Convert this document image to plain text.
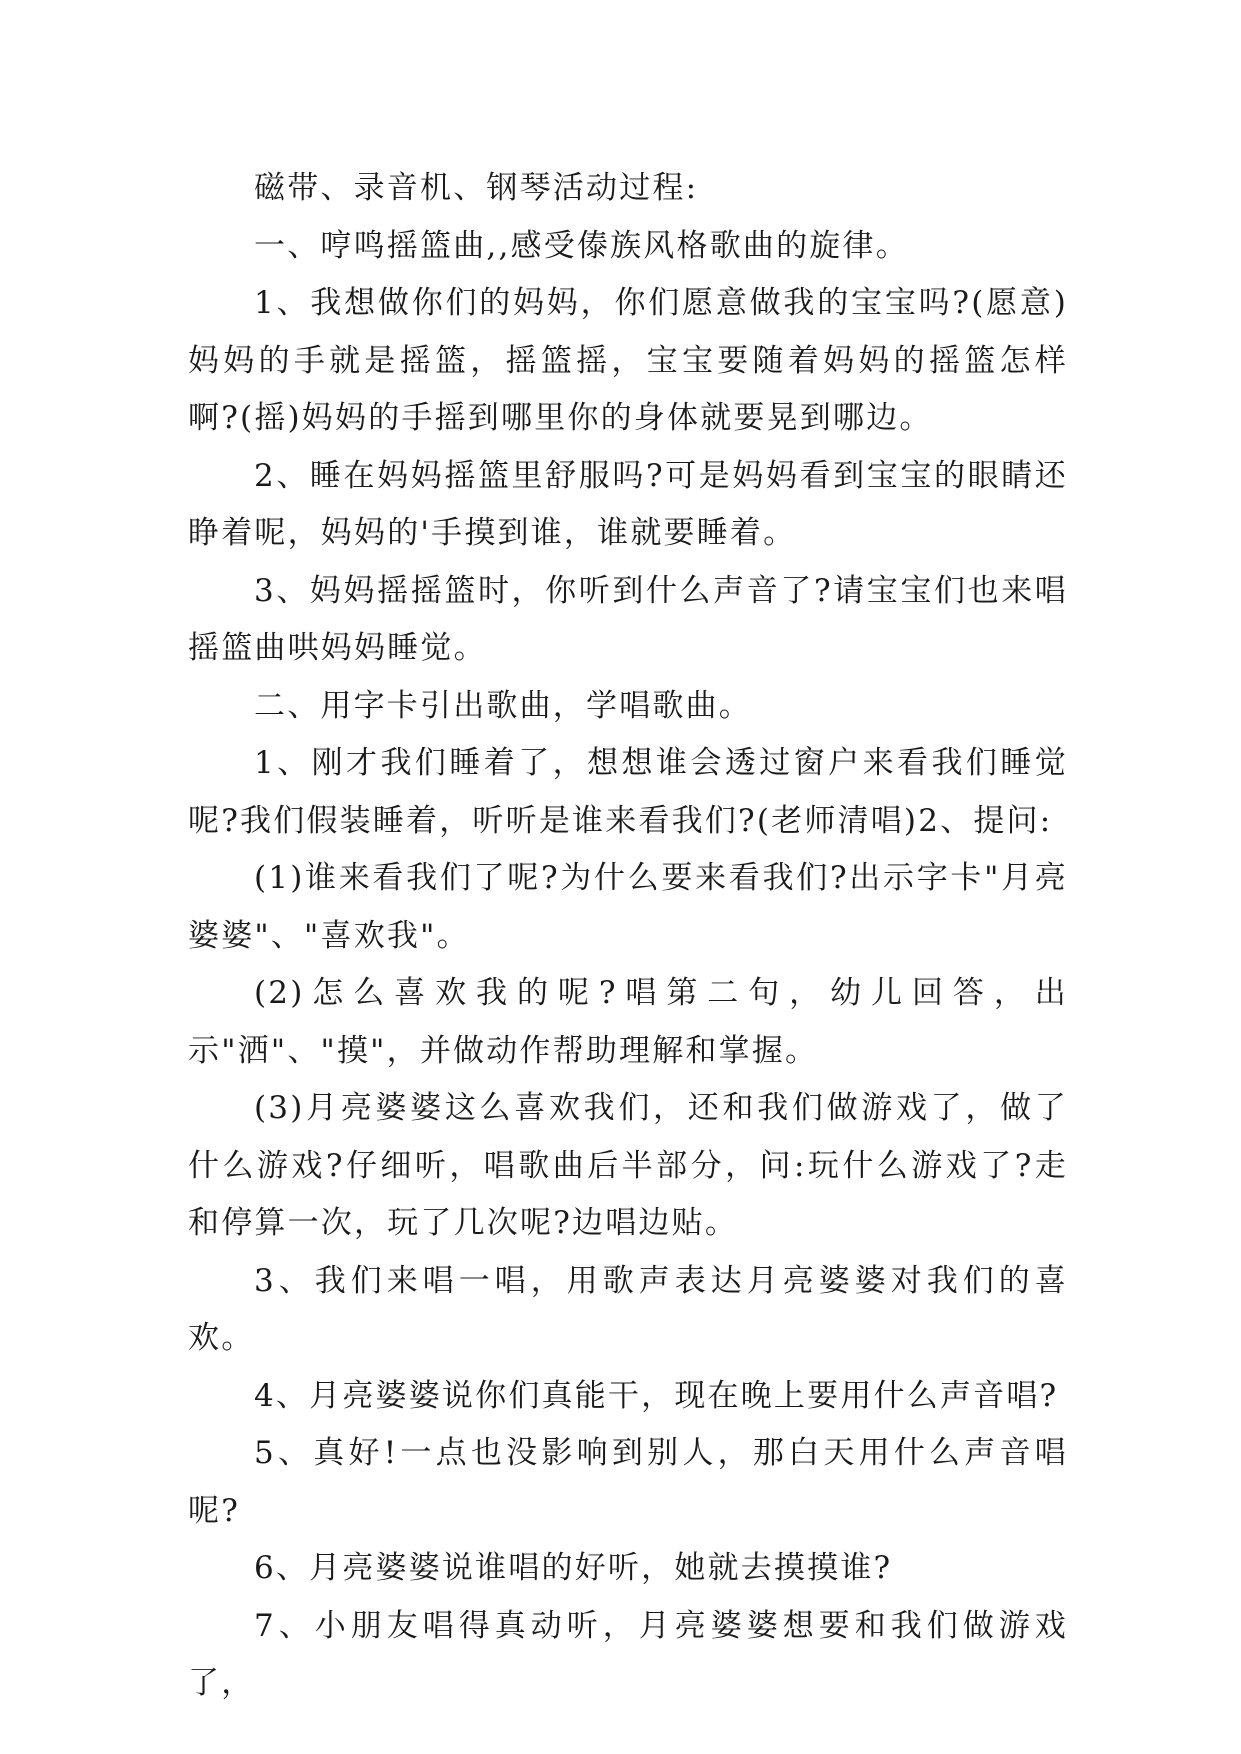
磁带、录音机、钢琴活动过程:

一、哼鸣摇篮曲,,感受傣族风格歌曲的旋律。

1、我想做你们的妈妈，你们愿意做我的宝宝吗?(愿意)妈妈的手就是摇篮，摇篮摇，宝宝要随着妈妈的摇篮怎样啊?(摇)妈妈的手摇到哪里你的身体就要晃到哪边。

2、睡在妈妈摇篮里舒服吗?可是妈妈看到宝宝的眼睛还睁着呢，妈妈的'手摸到谁，谁就要睡着。

3、妈妈摇摇篮时，你听到什么声音了?请宝宝们也来唱摇篮曲哄妈妈睡觉。

二、用字卡引出歌曲，学唱歌曲。

1、刚才我们睡着了，想想谁会透过窗户来看我们睡觉呢?我们假装睡着，听听是谁来看我们?(老师清唱)2、提问:

(1)谁来看我们了呢?为什么要来看我们?出示字卡"月亮婆婆"、"喜欢我"。

(2)怎么喜欢我的呢?唱第二句，幼儿回答，出示"洒"、"摸"，并做动作帮助理解和掌握。

(3)月亮婆婆这么喜欢我们，还和我们做游戏了，做了什么游戏?仔细听，唱歌曲后半部分，问:玩什么游戏了?走和停算一次，玩了几次呢?边唱边贴。

3、我们来唱一唱，用歌声表达月亮婆婆对我们的喜欢。

4、月亮婆婆说你们真能干，现在晚上要用什么声音唱?

5、真好!一点也没影响到别人，那白天用什么声音唱呢?

6、月亮婆婆说谁唱的好听，她就去摸摸谁?

7、小朋友唱得真动听，月亮婆婆想要和我们做游戏了，
